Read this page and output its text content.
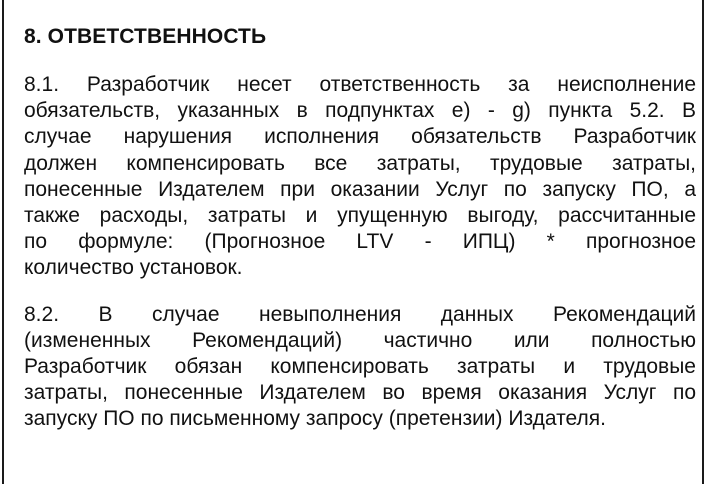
8. ОТВЕТСТВЕННОСТЬ
8.1. Разработчик несет ответственность за неисполнение
обязательств, указанных в подпунктах е) - g) пункта 5.2. В
случае нарушения исполнения обязательств Разработчик
должен компенсировать все затраты, трудовые затраты,
понесенные Издателем при оказании Услуг по запуску ПО, а
также расходы, затраты и упущенную выгоду, рассчитанные
по формуле: (Прогнозное LTV - ИПЦ) * прогнозное
количество установок.
8.2. В случае невыполнения данных Рекомендаций
(измененных Рекомендаций) частично или полностью
Разработчик обязан компенсировать затраты и трудовые
затраты, понесенные Издателем во время оказания Услуг по
запуску ПО по письменному запросу (претензии) Издателя.
